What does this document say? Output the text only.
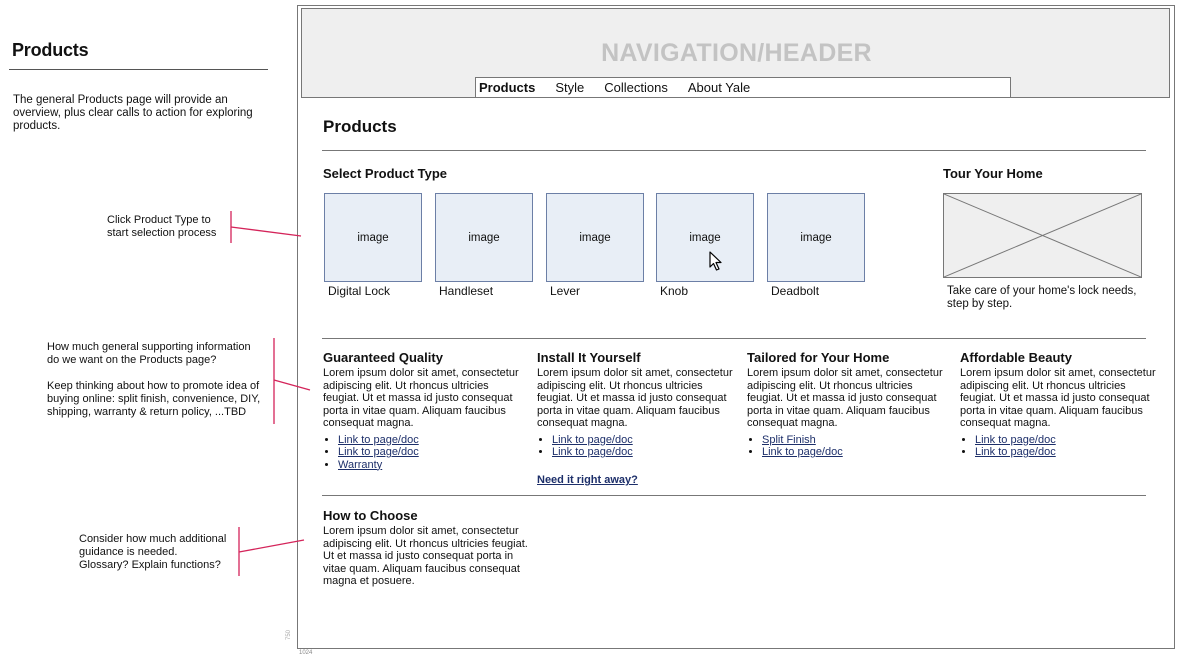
Products
The general Products page will provide an overview, plus clear calls to action for exploring products.

Click Product Type to

start selection process

How much general supporting information

do we want on the Products page?

Keep thinking about how to promote idea of

buying online: split finish, convenience, DIY,

shipping, warranty & return policy, ...TBD

Consider how much additional

guidance is needed.

Glossary? Explain functions?

750
1024
NAVIGATION/HEADER
Products Style Collections About Yale
Products
Select Product Type
image	image	image	image	image
Digital Lock	Handleset	Lever	Knob	Deadbolt
Tour Your Home
Take care of your home's lock needs, step by step.
Guaranteed Quality

Lorem ipsum dolor sit amet, consectetur adipiscing elit. Ut rhoncus ultricies feugiat. Ut et massa id justo consequat porta in vitae quam. Aliquam faucibus consequat magna.

• Link to page/doc
• Link to page/doc
• Warranty
Install It Yourself

Lorem ipsum dolor sit amet, consectetur adipiscing elit. Ut rhoncus ultricies feugiat. Ut et massa id justo consequat porta in vitae quam. Aliquam faucibus consequat magna.

• Link to page/doc
• Link to page/doc
Need it right away?
Tailored for Your Home

Lorem ipsum dolor sit amet, consectetur adipiscing elit. Ut rhoncus ultricies feugiat. Ut et massa id justo consequat porta in vitae quam. Aliquam faucibus consequat magna.

• Split Finish
• Link to page/doc
Affordable Beauty

Lorem ipsum dolor sit amet, consectetur adipiscing elit. Ut rhoncus ultricies feugiat. Ut et massa id justo consequat porta in vitae quam. Aliquam faucibus consequat magna.

• Link to page/doc
• Link to page/doc
How to Choose

Lorem ipsum dolor sit amet, consectetur adipiscing elit. Ut rhoncus ultricies feugiat. Ut et massa id justo consequat porta in vitae quam. Aliquam faucibus consequat magna et posuere.
